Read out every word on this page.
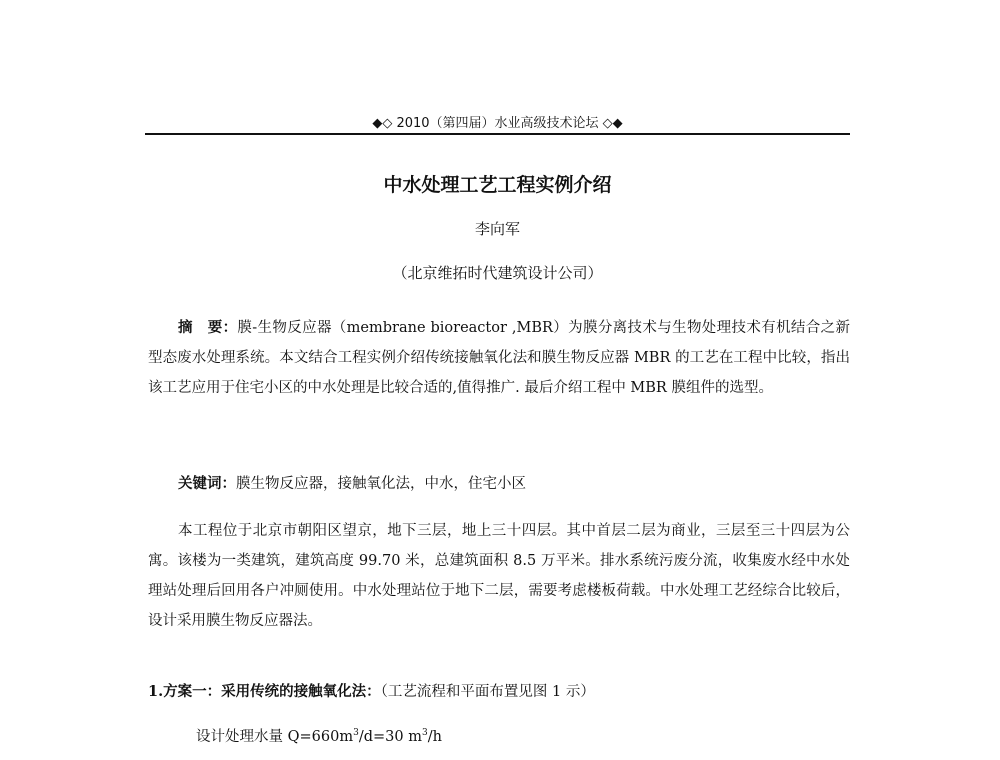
◆◇ 2010（第四届）水业高级技术论坛 ◇◆
中水处理工艺工程实例介绍
李向军
（北京维拓时代建筑设计公司）
摘　要：膜-生物反应器（membrane bioreactor ,MBR）为膜分离技术与生物处理技术有机结合之新型态废水处理系统。本文结合工程实例介绍传统接触氧化法和膜生物反应器 MBR 的工艺在工程中比较，指出该工艺应用于住宅小区的中水处理是比较合适的,值得推广. 最后介绍工程中 MBR 膜组件的选型。
关键词：膜生物反应器，接触氧化法，中水，住宅小区
本工程位于北京市朝阳区望京，地下三层，地上三十四层。其中首层二层为商业，三层至三十四层为公寓。该楼为一类建筑，建筑高度 99.70 米，总建筑面积 8.5 万平米。排水系统污废分流，收集废水经中水处理站处理后回用各户冲厕使用。中水处理站位于地下二层，需要考虑楼板荷载。中水处理工艺经综合比较后，设计采用膜生物反应器法。
1.方案一：采用传统的接触氧化法：（工艺流程和平面布置见图 1 示）
设计处理水量 $Q=660m^3/d=30$ $m^3/h$
